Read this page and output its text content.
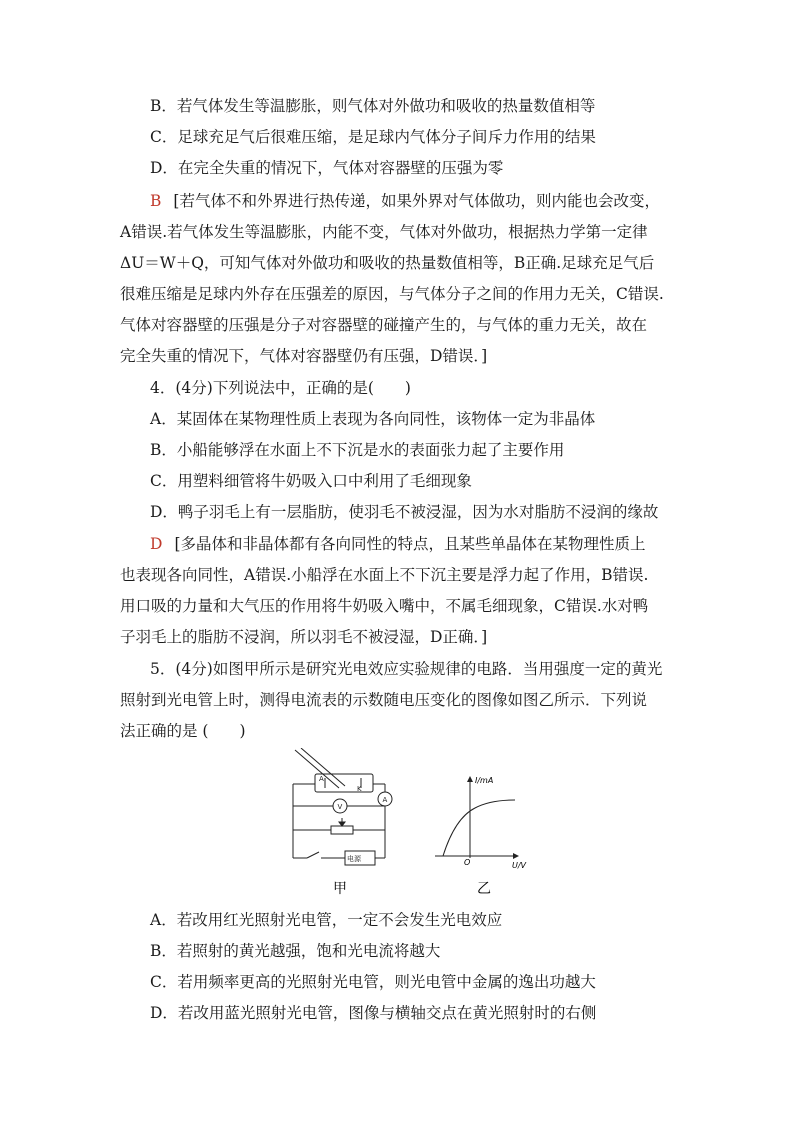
B．若气体发生等温膨胀，则气体对外做功和吸收的热量数值相等
C．足球充足气后很难压缩，是足球内气体分子间斥力作用的结果
D．在完全失重的情况下，气体对容器壁的压强为零
B [若气体不和外界进行热传递，如果外界对气体做功，则内能也会改变，
A错误.若气体发生等温膨胀，内能不变，气体对外做功，根据热力学第一定律
ΔU＝W＋Q，可知气体对外做功和吸收的热量数值相等，B正确.足球充足气后
很难压缩是足球内外存在压强差的原因，与气体分子之间的作用力无关，C错误.
气体对容器壁的压强是分子对容器壁的碰撞产生的，与气体的重力无关，故在
完全失重的情况下，气体对容器壁仍有压强，D错误．]
4．(4分)下列说法中，正确的是(　　)
A．某固体在某物理性质上表现为各向同性，该物体一定为非晶体
B．小船能够浮在水面上不下沉是水的表面张力起了主要作用
C．用塑料细管将牛奶吸入口中利用了毛细现象
D．鸭子羽毛上有一层脂肪，使羽毛不被浸湿，因为水对脂肪不浸润的缘故
D [多晶体和非晶体都有各向同性的特点，且某些单晶体在某物理性质上
也表现各向同性，A错误.小船浮在水面上不下沉主要是浮力起了作用，B错误.
用口吸的力量和大气压的作用将牛奶吸入嘴中，不属毛细现象，C错误.水对鸭
子羽毛上的脂肪不浸润，所以羽毛不被浸湿，D正确．]
5．(4分)如图甲所示是研究光电效应实验规律的电路．当用强度一定的黄光
照射到光电管上时，测得电流表的示数随电压变化的图像如图乙所示．下列说
法正确的是 (　　)
A
K
V
A
电源
I/mA
U/V
O
甲	乙
A．若改用红光照射光电管，一定不会发生光电效应
B．若照射的黄光越强，饱和光电流将越大
C．若用频率更高的光照射光电管，则光电管中金属的逸出功越大
D．若改用蓝光照射光电管，图像与横轴交点在黄光照射时的右侧
